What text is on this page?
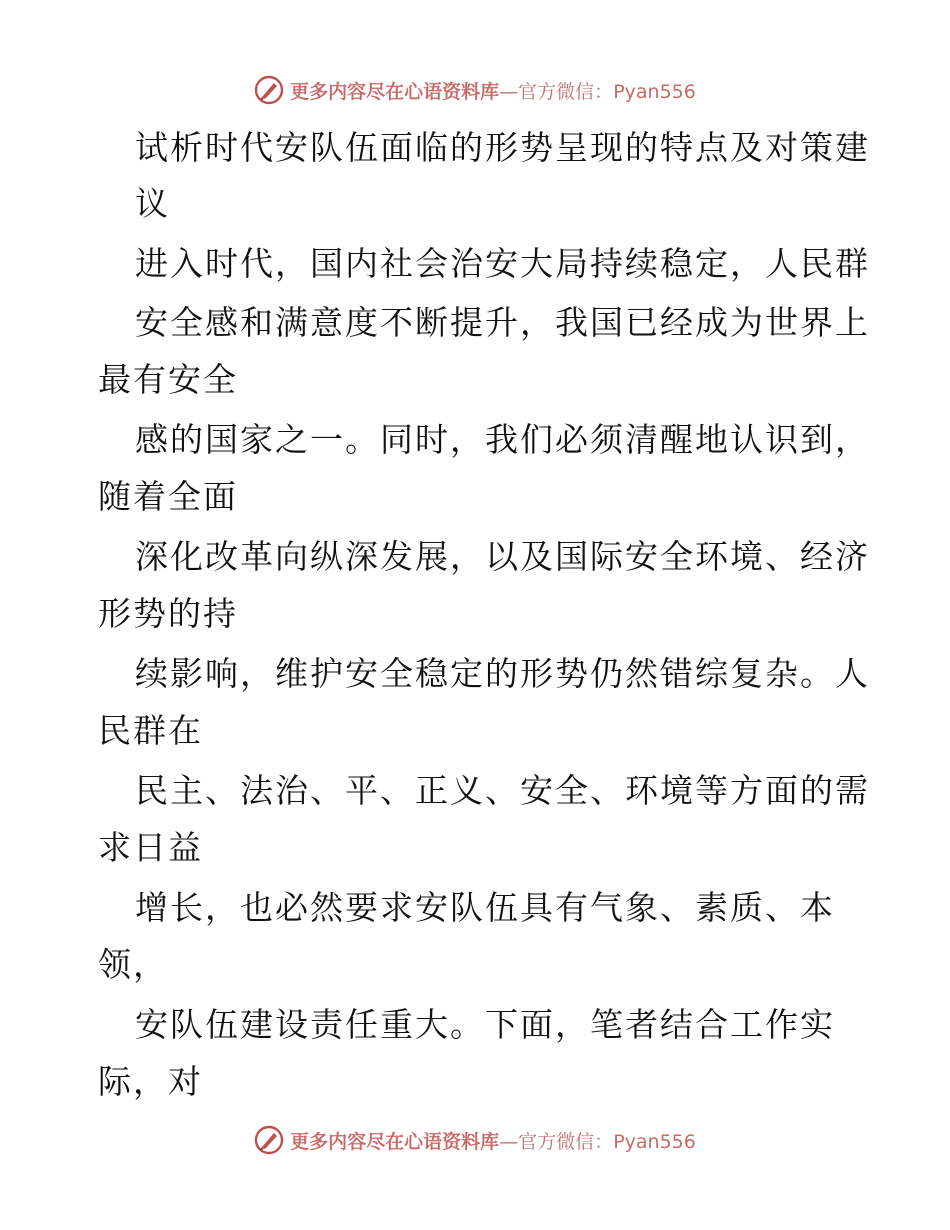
更多内容尽在心语资料库—官方微信：Pyan556
试析时代安队伍面临的形势呈现的特点及对策建
议
进入时代，国内社会治安大局持续稳定，人民群
安全感和满意度不断提升，我国已经成为世界上
最有安全
感的国家之一。同时，我们必须清醒地认识到，
随着全面
深化改革向纵深发展，以及国际安全环境、经济
形势的持
续影响，维护安全稳定的形势仍然错综复杂。人
民群在
民主、法治、平、正义、安全、环境等方面的需
求日益
增长，也必然要求安队伍具有气象、素质、本
领，
安队伍建设责任重大。下面，笔者结合工作实
际，对
更多内容尽在心语资料库—官方微信：Pyan556
